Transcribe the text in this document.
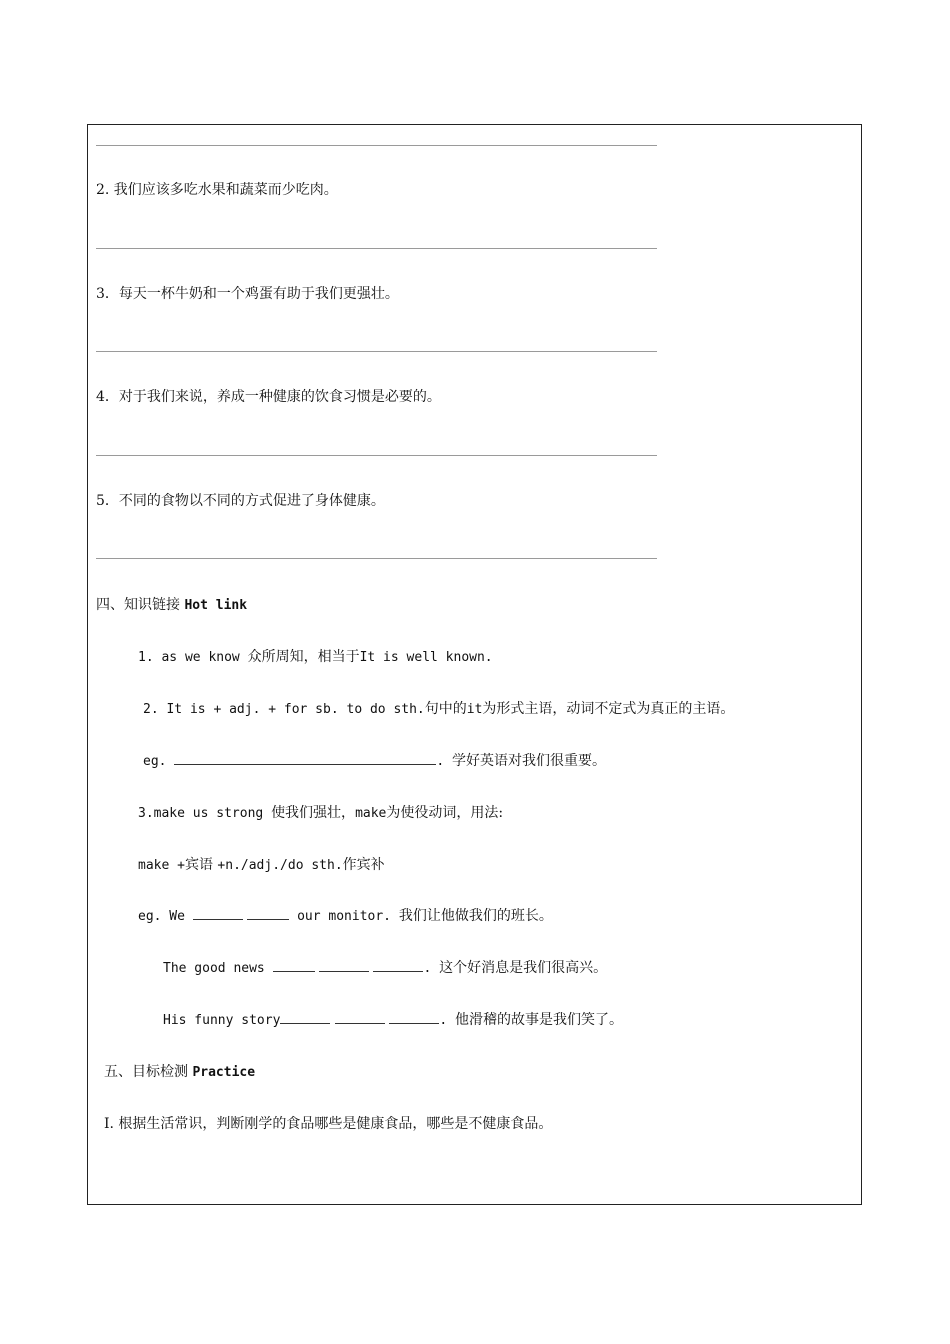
2. 我们应该多吃水果和蔬菜而少吃肉。
3．每天一杯牛奶和一个鸡蛋有助于我们更强壮。
4．对于我们来说，养成一种健康的饮食习惯是必要的。
5．不同的食物以不同的方式促进了身体健康。
四、知识链接 Hot link
1. as we know 众所周知，相当于It is well known.
2. It is + adj. + for sb. to do sth.句中的it为形式主语，动词不定式为真正的主语。
eg.	. 学好英语对我们很重要。
3.make us strong 使我们强壮，make为使役动词，用法:
make +宾语 +n./adj./do sth.作宾补
eg. We	our monitor. 我们让他做我们的班长。
The good news	. 这个好消息是我们很高兴。
His funny story	. 他滑稽的故事是我们笑了。
五、目标检测 Practice
I. 根据生活常识，判断刚学的食品哪些是健康食品，哪些是不健康食品。
